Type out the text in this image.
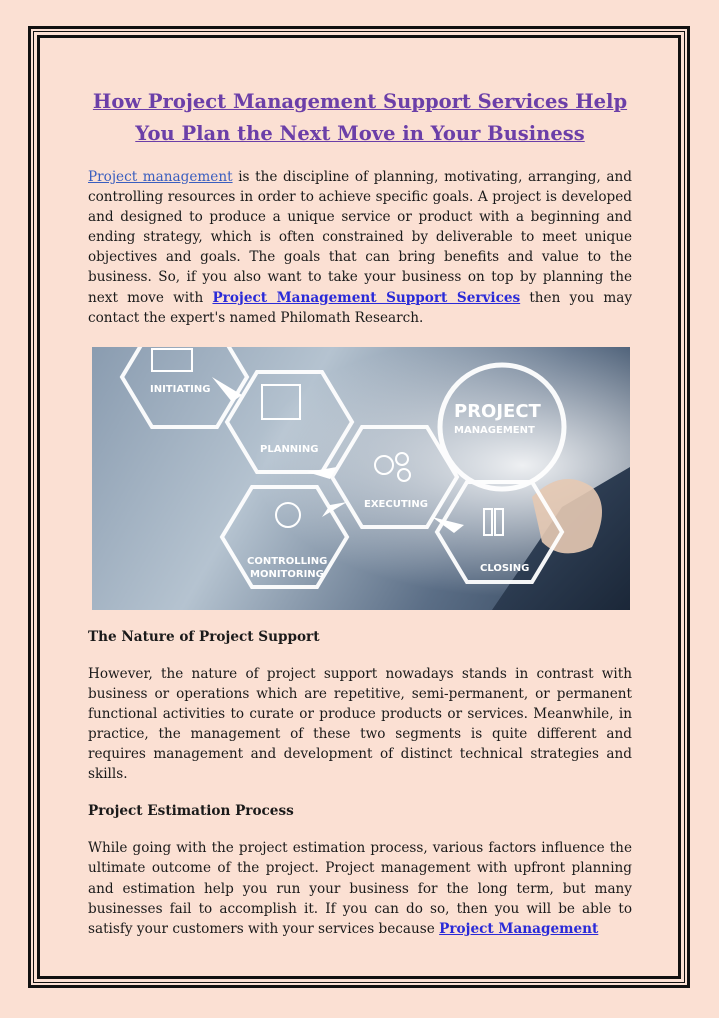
How Project Management Support Services Help You Plan the Next Move in Your Business

Project management is the discipline of planning, motivating, arranging, and controlling resources in order to achieve specific goals. A project is developed and designed to produce a unique service or product with a beginning and ending strategy, which is often constrained by deliverable to meet unique objectives and goals. The goals that can bring benefits and value to the business. So, if you also want to take your business on top by planning the next move with Project Management Support Services then you may contact the expert's named Philomath Research.

INITIATING
PLANNING
EXECUTING
CONTROLLING
MONITORING
CLOSING
PROJECT
MANAGEMENT
The Nature of Project Support

However, the nature of project support nowadays stands in contrast with business or operations which are repetitive, semi-permanent, or permanent functional activities to curate or produce products or services. Meanwhile, in practice, the management of these two segments is quite different and requires management and development of distinct technical strategies and skills.

Project Estimation Process

While going with the project estimation process, various factors influence the ultimate outcome of the project. Project management with upfront planning and estimation help you run your business for the long term, but many businesses fail to accomplish it. If you can do so, then you will be able to satisfy your customers with your services because Project Management
